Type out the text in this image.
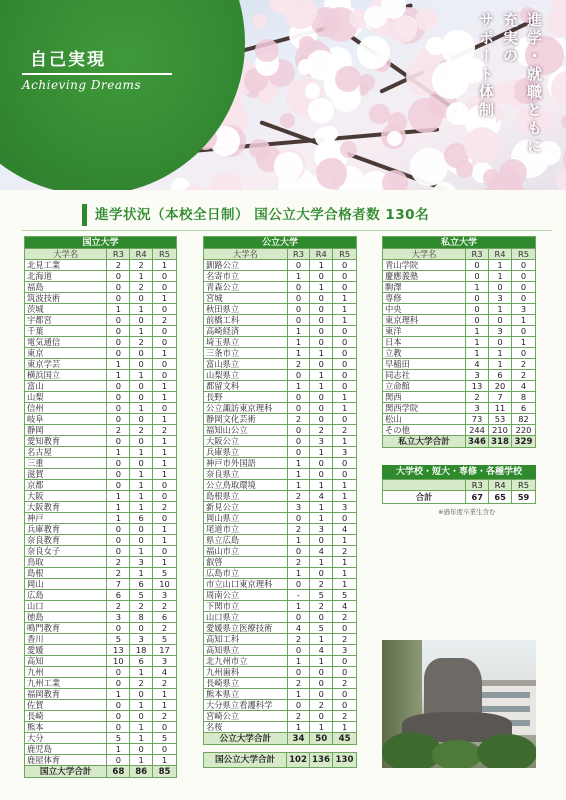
自己実現
Achieving Dreams	進学・就職ともに
充実の
サポート体制
進学状況（本校全日制） 国公立大学合格者数 130名
国立大学			
大学名	R3	R4	R5
北見工業	2	2	1
北海道	0	1	0
福島	0	2	0
筑波技術	0	0	1
茨城	1	1	0
宇都宮	0	0	2
千葉	0	1	0
電気通信	0	2	0
東京	0	0	1
東京学芸	1	0	0
横浜国立	1	1	0
富山	0	0	1
山梨	0	0	1
信州	0	1	0
岐阜	0	0	1
静岡	2	2	2
愛知教育	0	0	1
名古屋	1	1	1
三重	0	0	1
滋賀	0	1	1
京都	0	1	0
大阪	1	1	0
大阪教育	1	1	2
神戸	1	6	0
兵庫教育	0	0	1
奈良教育	0	0	1
奈良女子	0	1	0
鳥取	2	3	1
島根	2	1	5
岡山	7	6	10
広島	6	5	3
山口	2	2	2
徳島	3	8	6
鳴門教育	0	0	2
香川	5	3	5
愛媛	13	18	17
高知	10	6	3
九州	0	1	4
九州工業	0	2	2
福岡教育	1	0	1
佐賀	0	1	1
長崎	0	0	2
熊本	0	1	0
大分	5	1	5
鹿児島	1	0	0
鹿屋体育	0	1	1
国立大学合計	68	86	85
公立大学			
大学名	R3	R4	R5
釧路公立	0	1	0
名寄市立	1	0	0
青森公立	0	1	0
宮城	0	0	1
秋田県立	0	0	1
前橋工科	0	0	1
高崎経済	1	0	0
埼玉県立	1	0	0
三条市立	1	1	0
富山県立	2	0	0
山梨県立	0	1	0
都留文科	1	1	0
長野	0	0	1
公立諏訪東京理科	0	0	1
静岡文化芸術	2	0	0
福知山公立	0	2	2
大阪公立	0	3	1
兵庫県立	0	1	3
神戸市外国語	1	0	0
奈良県立	1	0	0
公立鳥取環境	1	1	1
島根県立	2	4	1
新見公立	3	1	3
岡山県立	0	1	0
尾道市立	2	3	4
県立広島	1	0	1
福山市立	0	4	2
叡啓	2	1	1
広島市立	1	0	1
市立山口東京理科	0	2	1
周南公立	-	5	5
下関市立	1	2	4
山口県立	0	0	2
愛媛県立医療技術	4	5	0
高知工科	2	1	2
高知県立	0	4	3
北九州市立	1	1	0
九州歯科	0	0	0
長崎県立	2	0	2
熊本県立	1	0	0
大分県立看護科学	0	2	0
宮崎公立	2	0	2
名桜	1	1	1
公立大学合計	34	50	45
国公立大学合計	102	136	130
私立大学			
大学名	R3	R4	R5
青山学院	0	1	0
慶應義塾	0	1	0
駒澤	1	0	0
専修	0	3	0
中央	0	1	3
東京理科	0	0	1
東洋	1	3	0
日本	1	0	1
立教	1	1	0
早稲田	4	1	2
同志社	3	6	2
立命館	13	20	4
関西	2	7	8
関西学院	3	11	6
松山	73	53	82
その他	244	210	220
私立大学合計	346	318	329
大学校・短大・専修・各種学校
	R3	R4	R5
合計	67	65	59
※過年度卒業生含む
